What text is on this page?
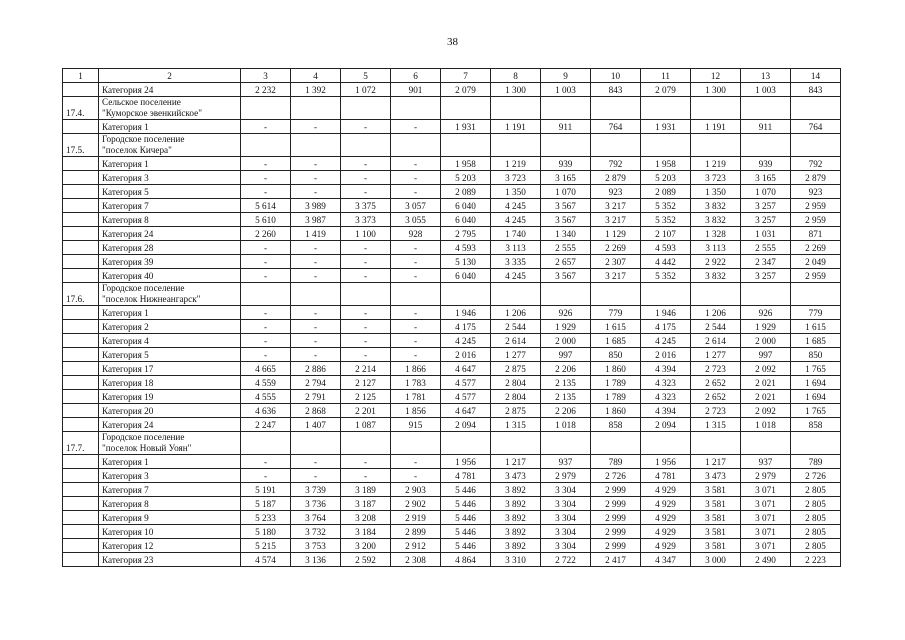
38
1	2	3	4	5	6	7	8	9	10	11	12	13	14
	Категория 24	2 232	1 392	1 072	901	2 079	1 300	1 003	843	2 079	1 300	1 003	843
17.4.	Сельское поселение
"Куморское эвенкийское"												

	Категория 1	-	-	-	-	1 931	1 191	911	764	1 931	1 191	911	764
17.5.	Городское поселение
"поселок Кичера"												

	Категория 1	-	-	-	-	1 958	1 219	939	792	1 958	1 219	939	792
	Категория 3	-	-	-	-	5 203	3 723	3 165	2 879	5 203	3 723	3 165	2 879
	Категория 5	-	-	-	-	2 089	1 350	1 070	923	2 089	1 350	1 070	923
	Категория 7	5 614	3 989	3 375	3 057	6 040	4 245	3 567	3 217	5 352	3 832	3 257	2 959
	Категория 8	5 610	3 987	3 373	3 055	6 040	4 245	3 567	3 217	5 352	3 832	3 257	2 959
	Категория 24	2 260	1 419	1 100	928	2 795	1 740	1 340	1 129	2 107	1 328	1 031	871
	Категория 28	-	-	-	-	4 593	3 113	2 555	2 269	4 593	3 113	2 555	2 269
	Категория 39	-	-	-	-	5 130	3 335	2 657	2 307	4 442	2 922	2 347	2 049
	Категория 40	-	-	-	-	6 040	4 245	3 567	3 217	5 352	3 832	3 257	2 959
17.6.	Городское поселение
"поселок Нижнеангарск"												

	Категория 1	-	-	-	-	1 946	1 206	926	779	1 946	1 206	926	779
	Категория 2	-	-	-	-	4 175	2 544	1 929	1 615	4 175	2 544	1 929	1 615
	Категория 4	-	-	-	-	4 245	2 614	2 000	1 685	4 245	2 614	2 000	1 685
	Категория 5	-	-	-	-	2 016	1 277	997	850	2 016	1 277	997	850
	Категория 17	4 665	2 886	2 214	1 866	4 647	2 875	2 206	1 860	4 394	2 723	2 092	1 765
	Категория 18	4 559	2 794	2 127	1 783	4 577	2 804	2 135	1 789	4 323	2 652	2 021	1 694
	Категория 19	4 555	2 791	2 125	1 781	4 577	2 804	2 135	1 789	4 323	2 652	2 021	1 694
	Категория 20	4 636	2 868	2 201	1 856	4 647	2 875	2 206	1 860	4 394	2 723	2 092	1 765
	Категория 24	2 247	1 407	1 087	915	2 094	1 315	1 018	858	2 094	1 315	1 018	858
17.7.	Городское поселение
"поселок Новый Уоян"												

	Категория 1	-	-	-	-	1 956	1 217	937	789	1 956	1 217	937	789
	Категория 3	-	-	-	-	4 781	3 473	2 979	2 726	4 781	3 473	2 979	2 726
	Категория 7	5 191	3 739	3 189	2 903	5 446	3 892	3 304	2 999	4 929	3 581	3 071	2 805
	Категория 8	5 187	3 736	3 187	2 902	5 446	3 892	3 304	2 999	4 929	3 581	3 071	2 805
	Категория 9	5 233	3 764	3 208	2 919	5 446	3 892	3 304	2 999	4 929	3 581	3 071	2 805
	Категория 10	5 180	3 732	3 184	2 899	5 446	3 892	3 304	2 999	4 929	3 581	3 071	2 805
	Категория 12	5 215	3 753	3 200	2 912	5 446	3 892	3 304	2 999	4 929	3 581	3 071	2 805
	Категория 23	4 574	3 136	2 592	2 308	4 864	3 310	2 722	2 417	4 347	3 000	2 490	2 223
